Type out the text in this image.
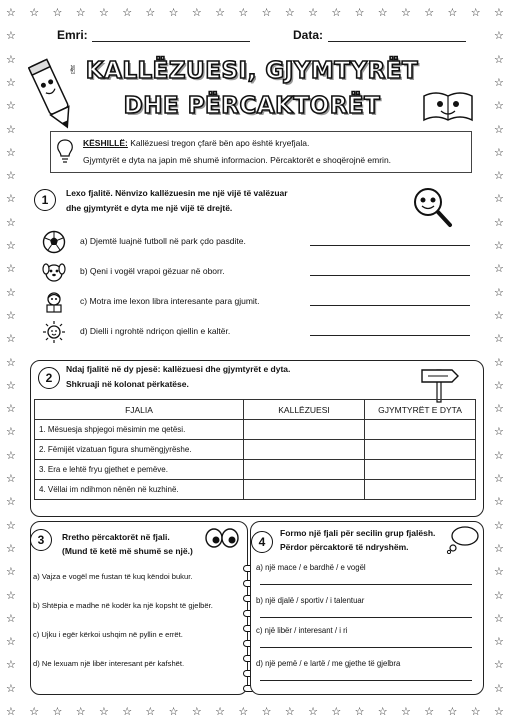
☆
☆
☆
☆
☆
☆
☆
☆
☆
☆
☆
☆
☆
☆
☆
☆
☆
☆
☆
☆
☆
☆
☆
☆
☆
☆
☆
☆
☆
☆
☆
☆
☆
☆
☆
☆
☆
☆
☆
☆
☆
☆
☆
☆
☆	☆
☆	☆
☆	☆
☆	☆
☆	☆
☆	☆
☆	☆
☆	☆
☆	☆
☆	☆
☆	☆
☆	☆
☆	☆
☆	☆
☆	☆
☆	☆
☆	☆
☆	☆
☆	☆
☆	☆
☆	☆
☆	☆
☆	☆
☆	☆
☆	☆
☆	☆
☆	☆
☆	☆
☆	☆
Emri:	Data:
✌ KALLËZUESI, GJYMTYRËT
DHE PËRCAKTORËT
KËSHILLË: Kallëzuesi tregon çfarë bën apo është kryefjala.
Gjymtyrët e dyta na japin më shumë informacion. Përcaktorët e shoqërojnë emrin.
1	Lexo fjalitë. Nënvizo kallëzuesin me një vijë të valëzuar
dhe gjymtyrët e dyta me një vijë të drejtë.
a) Djemtë luajnë futboll në park çdo pasdite.
b) Qeni i vogël vrapoi gëzuar në oborr.
c) Motra ime lexon libra interesante para gjumit.
d) Dielli i ngrohtë ndriçon qiellin e kaltër.
2
Ndaj fjalitë në dy pjesë: kallëzuesi dhe gjymtyrët e dyta.
Shkruaji në kolonat përkatëse.
FJALIA	KALLËZUESI	GJYMTYRËT E DYTA
1. Mësuesja shpjegoi mësimin me qetësi.		
2. Fëmijët vizatuan figura shumëngjyrëshe.		
3. Era e lehtë fryu gjethet e pemëve.		
4. Vëllai im ndihmon nënën në kuzhinë.		
3	Rretho përcaktorët në fjali.
(Mund të ketë më shumë se një.)
a) Vajza e vogël me fustan të kuq këndoi bukur.
b) Shtëpia e madhe në kodër ka një kopsht të gjelbër.
c) Ujku i egër kërkoi ushqim në pyllin e errët.
d) Ne lexuam një libër interesant për kafshët.
4
Formo një fjali për secilin grup fjalësh.
Përdor përcaktorë të ndryshëm.
a) një mace / e bardhë / e vogël
b) një djalë / sportiv / i talentuar
c) një libër / interesant / i ri
d) një pemë / e lartë / me gjethe të gjelbra
